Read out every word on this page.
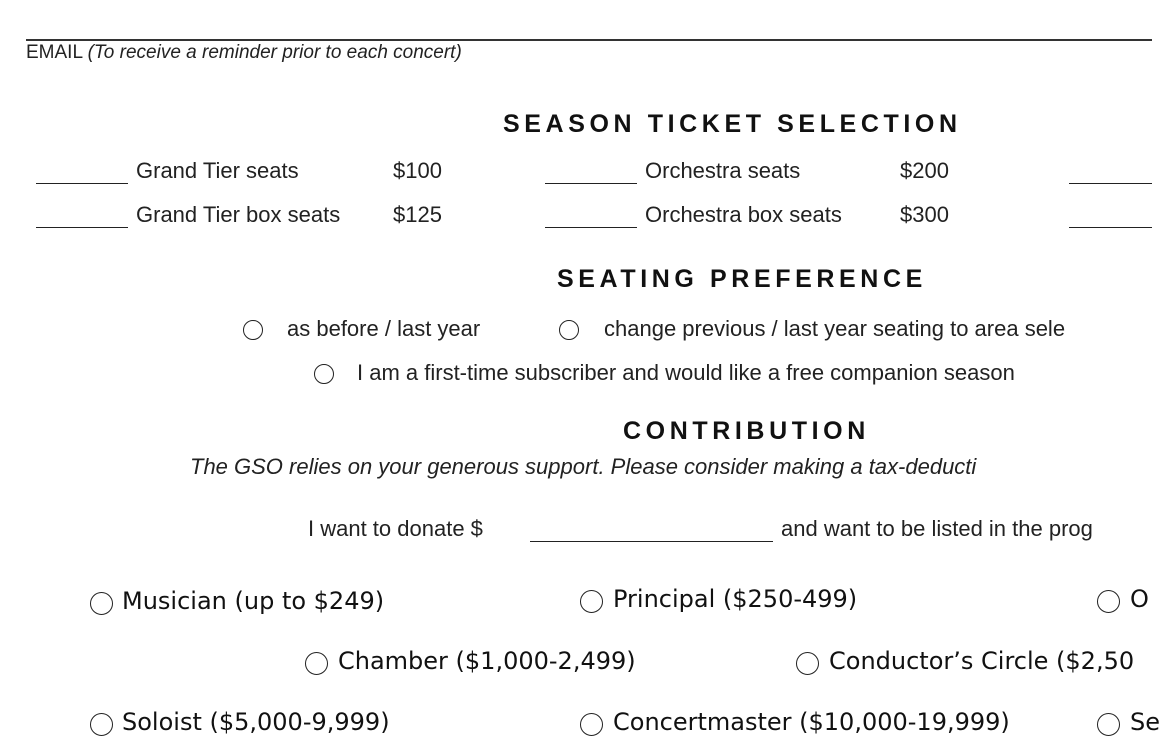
EMAIL (To receive a reminder prior to each concert)
SEASON TICKET SELECTION
Grand Tier seats	$100
Grand Tier box seats $125
Orchestra seats	$200
Orchestra box seats	$300
SEATING PREFERENCE
as before / last year	change previous / last year seating to area sele
I am a first-time subscriber and would like a free companion season
CONTRIBUTION
The GSO relies on your generous support. Please consider making a tax-deducti
I want to donate $	and want to be listed in the prog
Musician (up to $249)	Principal ($250-499)	O
Chamber ($1,000-2,499)	Conductor’s Circle ($2,50
Soloist ($5,000-9,999)	Concertmaster ($10,000-19,999)	Se
